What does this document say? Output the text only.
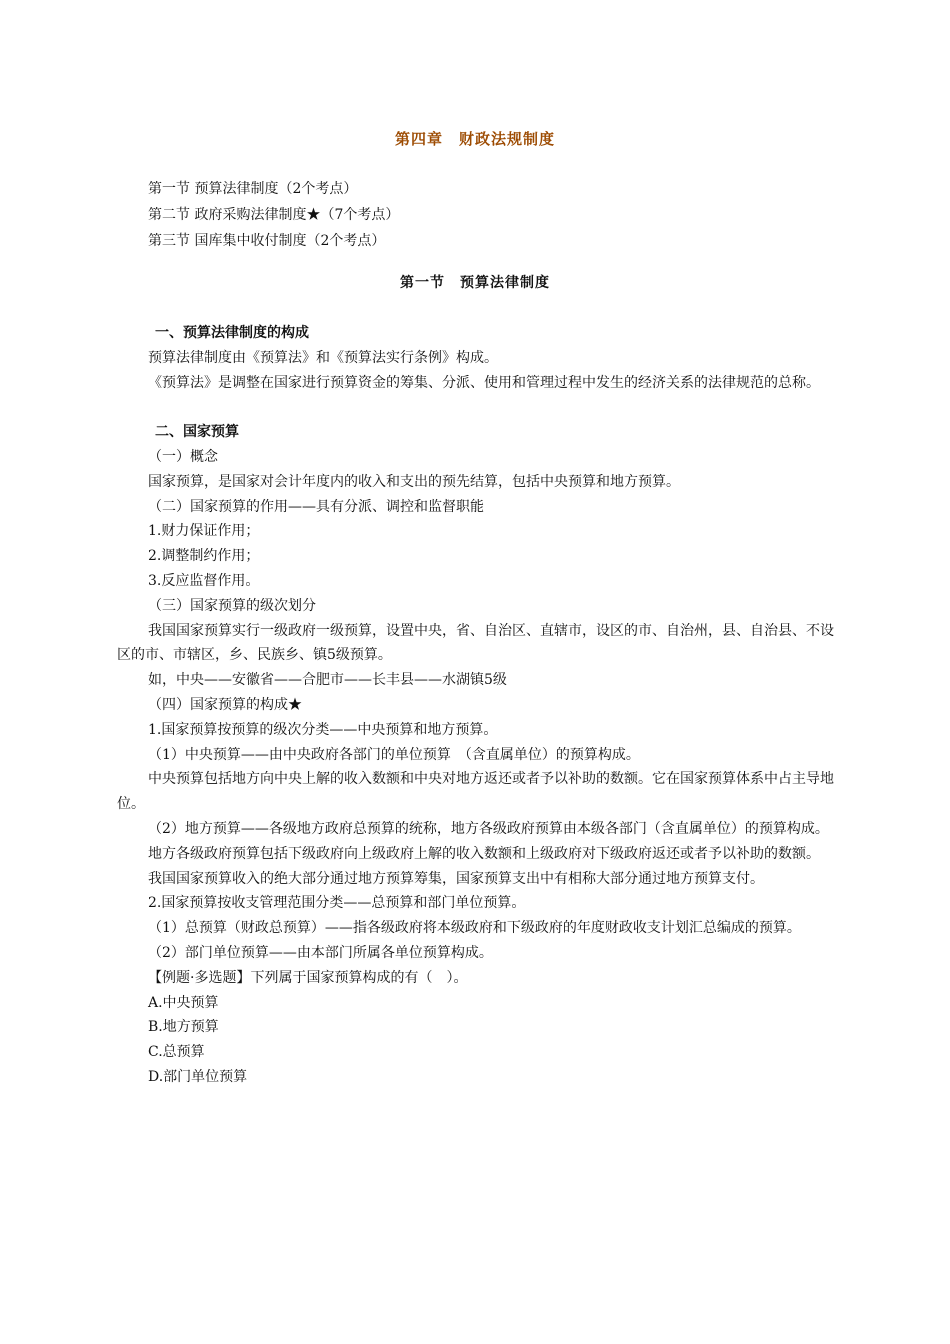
第四章　财政法规制度
第一节 预算法律制度（2个考点）
第二节 政府采购法律制度★（7个考点）
第三节 国库集中收付制度（2个考点）
第一节　预算法律制度

一、预算法律制度的构成

预算法律制度由《预算法》和《预算法实行条例》构成。

《预算法》是调整在国家进行预算资金的筹集、分派、使用和管理过程中发生的经济关系的法律规范的总称。

二、国家预算

（一）概念

国家预算，是国家对会计年度内的收入和支出的预先结算，包括中央预算和地方预算。

（二）国家预算的作用——具有分派、调控和监督职能

1.财力保证作用；

2.调整制约作用；

3.反应监督作用。

（三）国家预算的级次划分

我国国家预算实行一级政府一级预算，设置中央，省、自治区、直辖市，设区的市、自治州，县、自治县、不设区的市、市辖区，乡、民族乡、镇5级预算。

如，中央——安徽省——合肥市——长丰县——水湖镇5级

（四）国家预算的构成★

1.国家预算按预算的级次分类——中央预算和地方预算。

（1）中央预算——由中央政府各部门的单位预算　（含直属单位）的预算构成。

中央预算包括地方向中央上解的收入数额和中央对地方返还或者予以补助的数额。它在国家预算体系中占主导地位。

（2）地方预算——各级地方政府总预算的统称，地方各级政府预算由本级各部门（含直属单位）的预算构成。

地方各级政府预算包括下级政府向上级政府上解的收入数额和上级政府对下级政府返还或者予以补助的数额。

我国国家预算收入的绝大部分通过地方预算筹集，国家预算支出中有相称大部分通过地方预算支付。

2.国家预算按收支管理范围分类——总预算和部门单位预算。

（1）总预算（财政总预算）——指各级政府将本级政府和下级政府的年度财政收支计划汇总编成的预算。

（2）部门单位预算——由本部门所属各单位预算构成。

【例题·多选题】下列属于国家预算构成的有（　）。

A.中央预算

B.地方预算

C.总预算

D.部门单位预算
